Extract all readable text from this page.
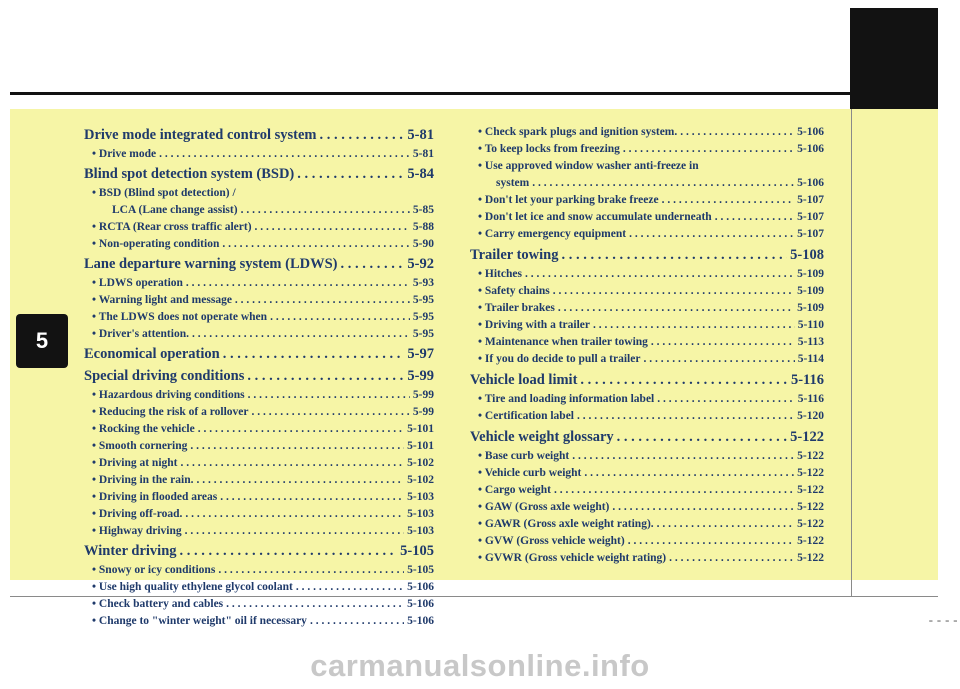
5
Drive mode integrated control system . . .	5-81
• Drive mode . . .	5-81
Blind spot detection system (BSD) . . .	5-84
• BSD (Blind spot detection) /
LCA (Lane change assist) . . .	5-85
• RCTA (Rear cross traffic alert) . . .	5-88
• Non-operating condition . . .	5-90
Lane departure warning system (LDWS) . . .	5-92
• LDWS operation . . .	5-93
• Warning light and message . . .	5-95
• The LDWS does not operate when . . .	5-95
• Driver's attention. . . .	5-95
Economical operation . . .	5-97
Special driving conditions . . .	5-99
• Hazardous driving conditions . . .	5-99
• Reducing the risk of a rollover . . .	5-99
• Rocking the vehicle . . .	5-101
• Smooth cornering . . .	5-101
• Driving at night . . .	5-102
• Driving in the rain. . . .	5-102
• Driving in flooded areas . . .	5-103
• Driving off-road. . . .	5-103
• Highway driving . . .	5-103
Winter driving . . .	5-105
• Snowy or icy conditions . . .	5-105
• Use high quality ethylene glycol coolant . . .	5-106
• Check battery and cables . . .	5-106
• Change to "winter weight" oil if necessary . . .	5-106
• Check spark plugs and ignition system. . . .	5-106
• To keep locks from freezing . . .	5-106
• Use approved window washer anti-freeze in
system . . .	5-106
• Don't let your parking brake freeze . . .	5-107
• Don't let ice and snow accumulate underneath . . .	5-107
• Carry emergency equipment . . .	5-107
Trailer towing . . .	5-108
• Hitches . . .	5-109
• Safety chains . . .	5-109
• Trailer brakes . . .	5-109
• Driving with a trailer . . .	5-110
• Maintenance when trailer towing . . .	5-113
• If you do decide to pull a trailer . . .	5-114
Vehicle load limit . . .	5-116
• Tire and loading information label . . .	5-116
• Certification label . . .	5-120
Vehicle weight glossary . . .	5-122
• Base curb weight . . .	5-122
• Vehicle curb weight . . .	5-122
• Cargo weight . . .	5-122
• GAW (Gross axle weight) . . .	5-122
• GAWR (Gross axle weight rating). . . .	5-122
• GVW (Gross vehicle weight) . . .	5-122
• GVWR (Gross vehicle weight rating) . . .	5-122
----
carmanualsonline.info
